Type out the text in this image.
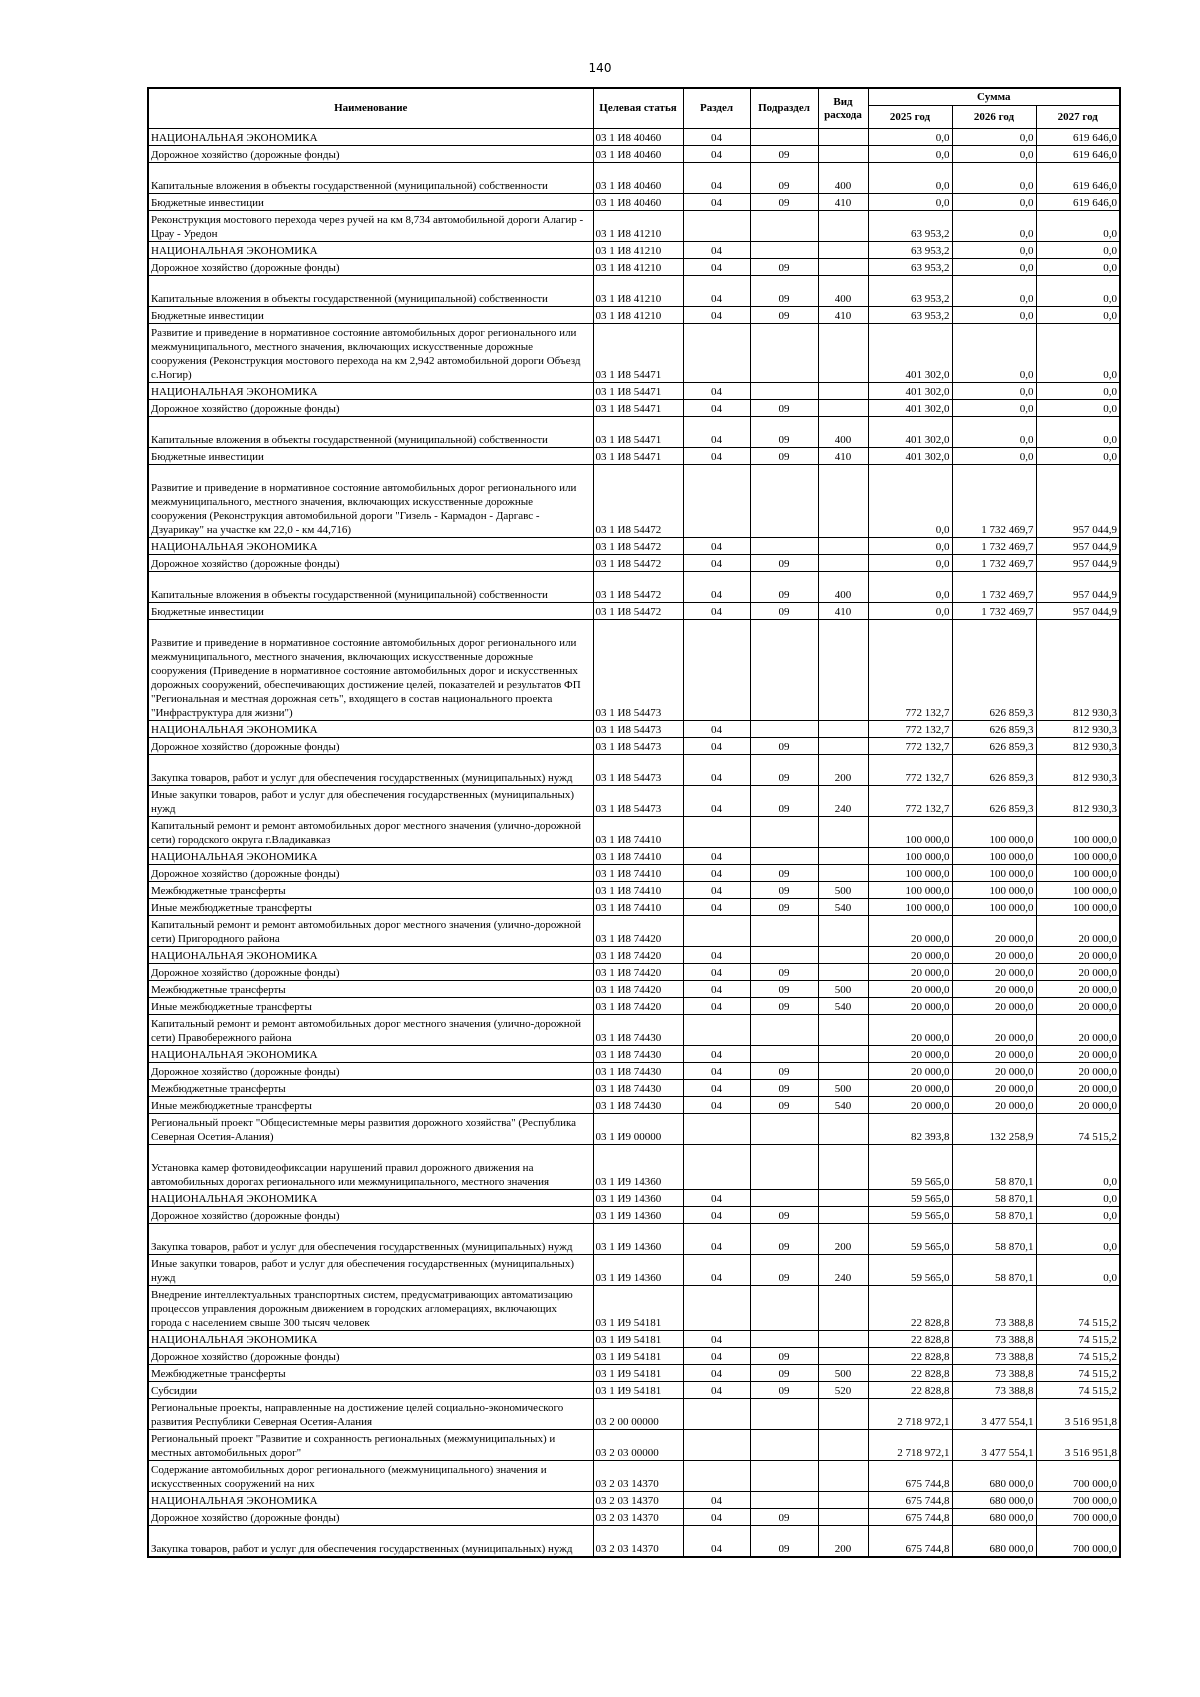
140
Наименование	Целевая статья	Раздел	Подраздел	Вид расхода	Сумма		
					2025 год	2026 год	2027 год
НАЦИОНАЛЬНАЯ ЭКОНОМИКА	03 1 И8 40460	04			0,0	0,0	619 646,0
Дорожное хозяйство (дорожные фонды)	03 1 И8 40460	04	09		0,0	0,0	619 646,0
Капитальные вложения в объекты государственной (муниципальной) собственности	03 1 И8 40460	04	09	400	0,0	0,0	619 646,0
Бюджетные инвестиции	03 1 И8 40460	04	09	410	0,0	0,0	619 646,0
Реконструкция мостового перехода через ручей на км 8,734 автомобильной дороги Алагир - Црау - Уредон	03 1 И8 41210				63 953,2	0,0	0,0
НАЦИОНАЛЬНАЯ ЭКОНОМИКА	03 1 И8 41210	04			63 953,2	0,0	0,0
Дорожное хозяйство (дорожные фонды)	03 1 И8 41210	04	09		63 953,2	0,0	0,0
Капитальные вложения в объекты государственной (муниципальной) собственности	03 1 И8 41210	04	09	400	63 953,2	0,0	0,0
Бюджетные инвестиции	03 1 И8 41210	04	09	410	63 953,2	0,0	0,0
Развитие и приведение в нормативное состояние автомобильных дорог регионального или межмуниципального, местного значения, включающих искусственные дорожные сооружения (Реконструкция мостового перехода на км 2,942 автомобильной дороги Объезд с.Ногир)	03 1 И8 54471				401 302,0	0,0	0,0
НАЦИОНАЛЬНАЯ ЭКОНОМИКА	03 1 И8 54471	04			401 302,0	0,0	0,0
Дорожное хозяйство (дорожные фонды)	03 1 И8 54471	04	09		401 302,0	0,0	0,0
Капитальные вложения в объекты государственной (муниципальной) собственности	03 1 И8 54471	04	09	400	401 302,0	0,0	0,0
Бюджетные инвестиции	03 1 И8 54471	04	09	410	401 302,0	0,0	0,0
Развитие и приведение в нормативное состояние автомобильных дорог регионального или межмуниципального, местного значения, включающих искусственные дорожные сооружения (Реконструкция автомобильной дороги "Гизель - Кармадон - Даргавс - Дзуарикау" на участке км 22,0 - км 44,716)	03 1 И8 54472				0,0	1 732 469,7	957 044,9
НАЦИОНАЛЬНАЯ ЭКОНОМИКА	03 1 И8 54472	04			0,0	1 732 469,7	957 044,9
Дорожное хозяйство (дорожные фонды)	03 1 И8 54472	04	09		0,0	1 732 469,7	957 044,9
Капитальные вложения в объекты государственной (муниципальной) собственности	03 1 И8 54472	04	09	400	0,0	1 732 469,7	957 044,9
Бюджетные инвестиции	03 1 И8 54472	04	09	410	0,0	1 732 469,7	957 044,9
Развитие и приведение в нормативное состояние автомобильных дорог регионального или межмуниципального, местного значения, включающих искусственные дорожные сооружения (Приведение в нормативное состояние автомобильных дорог и искусственных дорожных сооружений, обеспечивающих достижение целей, показателей и результатов ФП "Региональная и местная дорожная сеть", входящего в состав национального проекта "Инфраструктура для жизни")	03 1 И8 54473				772 132,7	626 859,3	812 930,3
НАЦИОНАЛЬНАЯ ЭКОНОМИКА	03 1 И8 54473	04			772 132,7	626 859,3	812 930,3
Дорожное хозяйство (дорожные фонды)	03 1 И8 54473	04	09		772 132,7	626 859,3	812 930,3
Закупка товаров, работ и услуг для обеспечения государственных (муниципальных) нужд	03 1 И8 54473	04	09	200	772 132,7	626 859,3	812 930,3
Иные закупки товаров, работ и услуг для обеспечения государственных (муниципальных) нужд	03 1 И8 54473	04	09	240	772 132,7	626 859,3	812 930,3
Капитальный ремонт и ремонт автомобильных дорог местного значения (улично-дорожной сети) городского округа г.Владикавказ	03 1 И8 74410				100 000,0	100 000,0	100 000,0
НАЦИОНАЛЬНАЯ ЭКОНОМИКА	03 1 И8 74410	04			100 000,0	100 000,0	100 000,0
Дорожное хозяйство (дорожные фонды)	03 1 И8 74410	04	09		100 000,0	100 000,0	100 000,0
Межбюджетные трансферты	03 1 И8 74410	04	09	500	100 000,0	100 000,0	100 000,0
Иные межбюджетные трансферты	03 1 И8 74410	04	09	540	100 000,0	100 000,0	100 000,0
Капитальный ремонт и ремонт автомобильных дорог местного значения (улично-дорожной сети) Пригородного района	03 1 И8 74420				20 000,0	20 000,0	20 000,0
НАЦИОНАЛЬНАЯ ЭКОНОМИКА	03 1 И8 74420	04			20 000,0	20 000,0	20 000,0
Дорожное хозяйство (дорожные фонды)	03 1 И8 74420	04	09		20 000,0	20 000,0	20 000,0
Межбюджетные трансферты	03 1 И8 74420	04	09	500	20 000,0	20 000,0	20 000,0
Иные межбюджетные трансферты	03 1 И8 74420	04	09	540	20 000,0	20 000,0	20 000,0
Капитальный ремонт и ремонт автомобильных дорог местного значения (улично-дорожной сети) Правобережного района	03 1 И8 74430				20 000,0	20 000,0	20 000,0
НАЦИОНАЛЬНАЯ ЭКОНОМИКА	03 1 И8 74430	04			20 000,0	20 000,0	20 000,0
Дорожное хозяйство (дорожные фонды)	03 1 И8 74430	04	09		20 000,0	20 000,0	20 000,0
Межбюджетные трансферты	03 1 И8 74430	04	09	500	20 000,0	20 000,0	20 000,0
Иные межбюджетные трансферты	03 1 И8 74430	04	09	540	20 000,0	20 000,0	20 000,0
Региональный проект "Общесистемные меры развития дорожного хозяйства" (Республика Северная Осетия-Алания)	03 1 И9 00000				82 393,8	132 258,9	74 515,2
Установка камер фотовидеофиксации нарушений правил дорожного движения на автомобильных дорогах регионального или межмуниципального, местного значения	03 1 И9 14360				59 565,0	58 870,1	0,0
НАЦИОНАЛЬНАЯ ЭКОНОМИКА	03 1 И9 14360	04			59 565,0	58 870,1	0,0
Дорожное хозяйство (дорожные фонды)	03 1 И9 14360	04	09		59 565,0	58 870,1	0,0
Закупка товаров, работ и услуг для обеспечения государственных (муниципальных) нужд	03 1 И9 14360	04	09	200	59 565,0	58 870,1	0,0
Иные закупки товаров, работ и услуг для обеспечения государственных (муниципальных) нужд	03 1 И9 14360	04	09	240	59 565,0	58 870,1	0,0
Внедрение интеллектуальных транспортных систем, предусматривающих автоматизацию процессов управления дорожным движением в городских агломерациях, включающих города с населением свыше 300 тысяч человек	03 1 И9 54181				22 828,8	73 388,8	74 515,2
НАЦИОНАЛЬНАЯ ЭКОНОМИКА	03 1 И9 54181	04			22 828,8	73 388,8	74 515,2
Дорожное хозяйство (дорожные фонды)	03 1 И9 54181	04	09		22 828,8	73 388,8	74 515,2
Межбюджетные трансферты	03 1 И9 54181	04	09	500	22 828,8	73 388,8	74 515,2
Субсидии	03 1 И9 54181	04	09	520	22 828,8	73 388,8	74 515,2
Региональные проекты, направленные на достижение целей социально-экономического развития Республики Северная Осетия-Алания	03 2 00 00000				2 718 972,1	3 477 554,1	3 516 951,8
Региональный проект "Развитие и сохранность региональных (межмуниципальных) и местных автомобильных дорог"	03 2 03 00000				2 718 972,1	3 477 554,1	3 516 951,8
Содержание автомобильных дорог регионального (межмуниципального) значения и искусственных сооружений на них	03 2 03 14370				675 744,8	680 000,0	700 000,0
НАЦИОНАЛЬНАЯ ЭКОНОМИКА	03 2 03 14370	04			675 744,8	680 000,0	700 000,0
Дорожное хозяйство (дорожные фонды)	03 2 03 14370	04	09		675 744,8	680 000,0	700 000,0
Закупка товаров, работ и услуг для обеспечения государственных (муниципальных) нужд	03 2 03 14370	04	09	200	675 744,8	680 000,0	700 000,0
